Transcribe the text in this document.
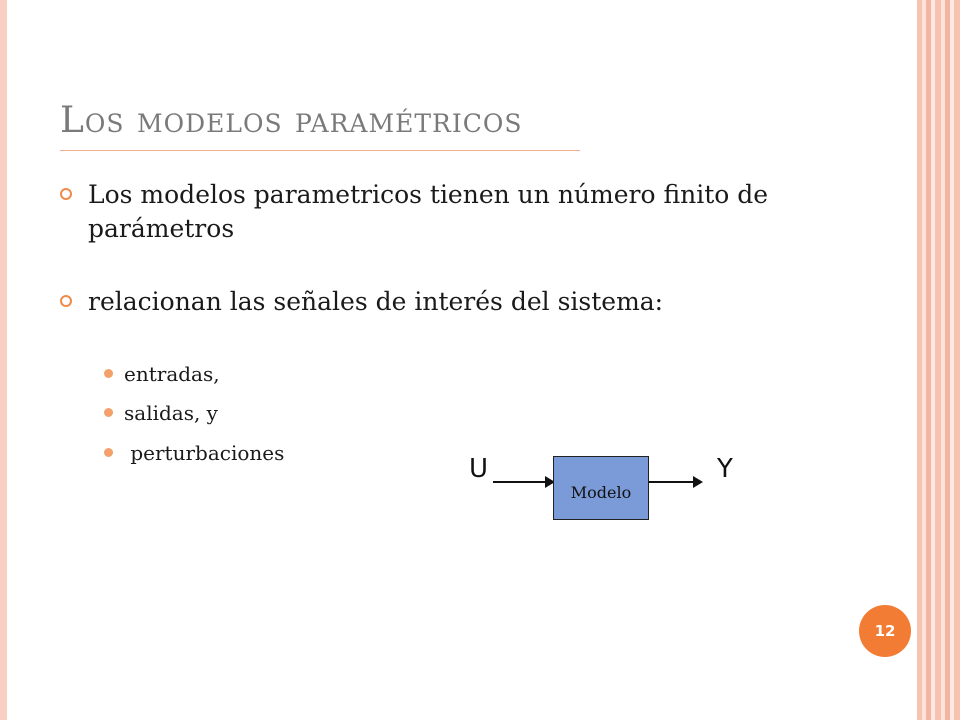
Los modelos paramétricos
Los modelos parametricos tienen un número finito de parámetros
relacionan las señales de interés del sistema:
entradas,
salidas, y
perturbaciones
U
Modelo
Y
12
